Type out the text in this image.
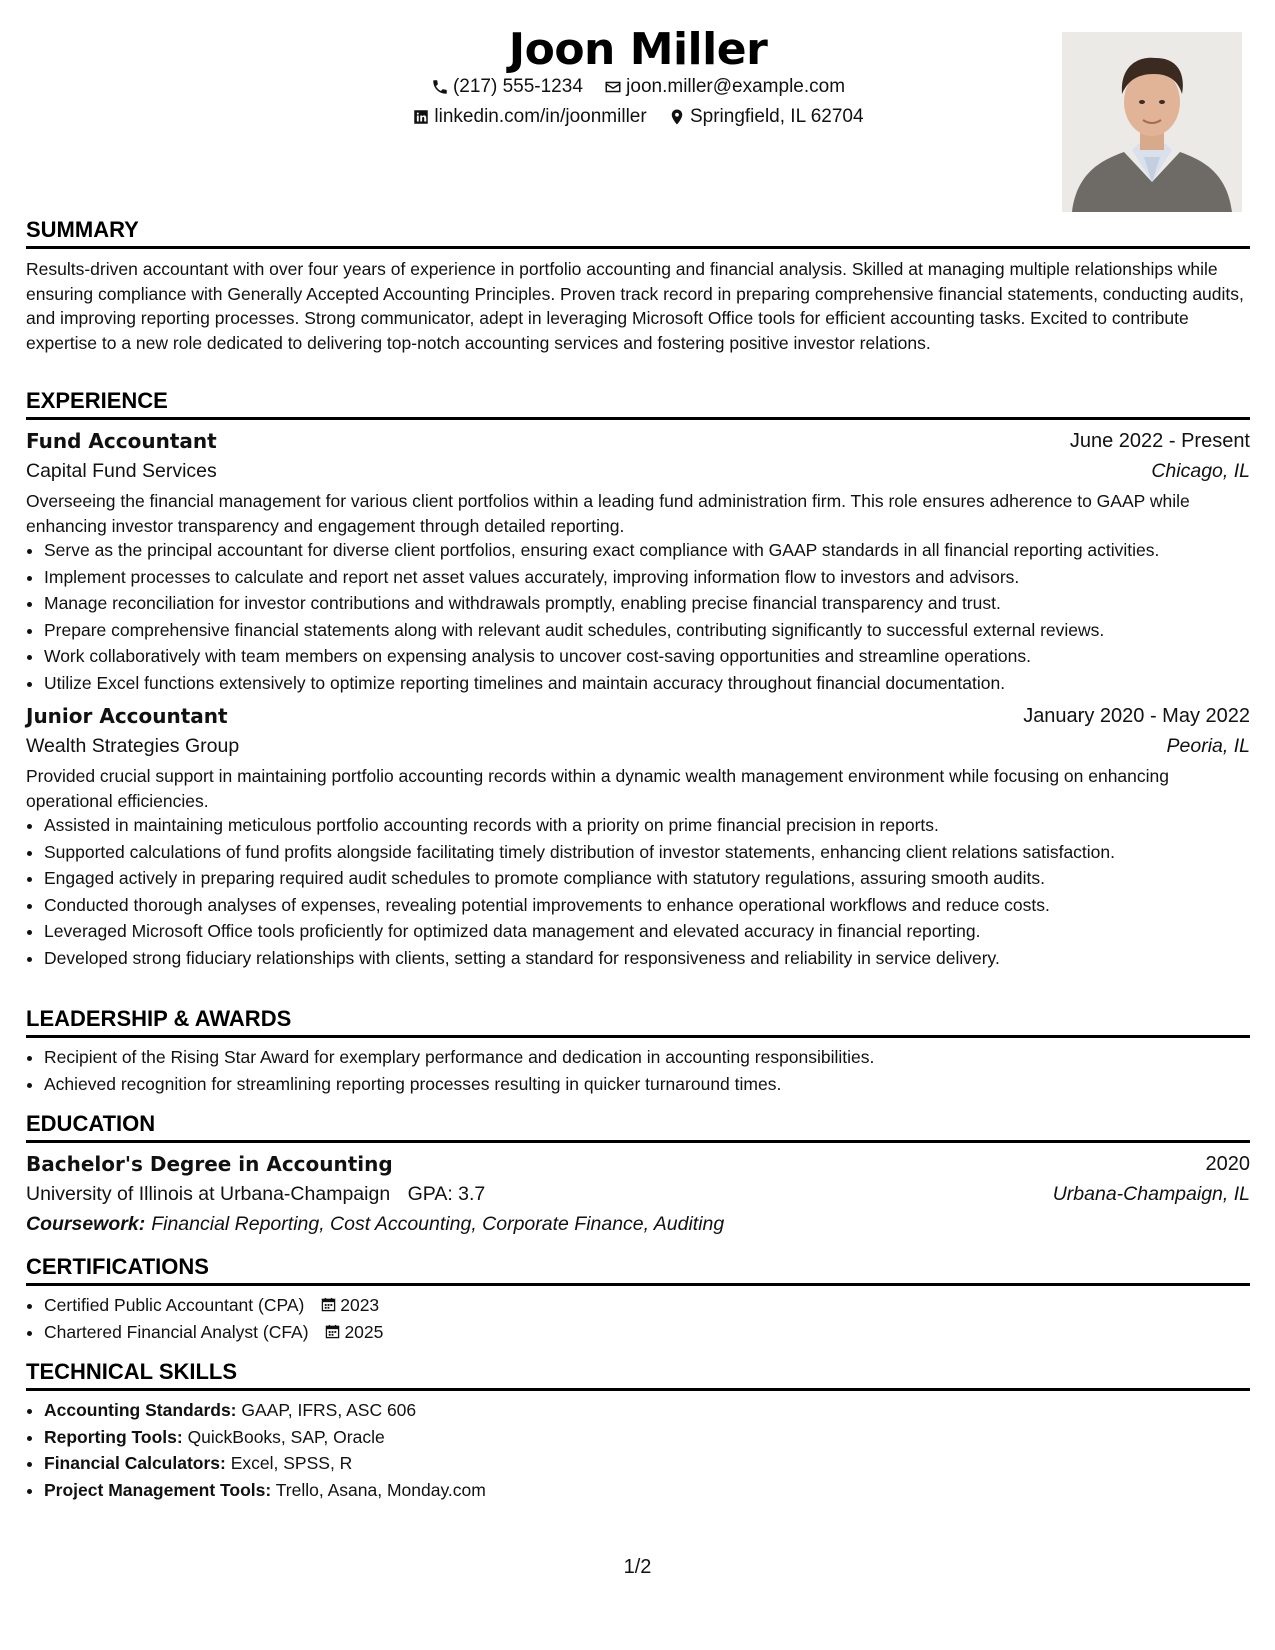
Joon Miller
(217) 555-1234
joon.miller@example.com
linkedin.com/in/joonmiller
Springfield, IL 62704
SUMMARY

Results-driven accountant with over four years of experience in portfolio accounting and financial analysis. Skilled at managing multiple relationships while ensuring compliance with Generally Accepted Accounting Principles. Proven track record in preparing comprehensive financial statements, conducting audits, and improving reporting processes. Strong communicator, adept in leveraging Microsoft Office tools for efficient accounting tasks. Excited to contribute expertise to a new role dedicated to delivering top-notch accounting services and fostering positive investor relations.

EXPERIENCE
Fund Accountant	June 2022 - Present
Capital Fund Services	Chicago, IL

Overseeing the financial management for various client portfolios within a leading fund administration firm. This role ensures adherence to GAAP while enhancing investor transparency and engagement through detailed reporting.

• Serve as the principal accountant for diverse client portfolios, ensuring exact compliance with GAAP standards in all financial reporting activities.
• Implement processes to calculate and report net asset values accurately, improving information flow to investors and advisors.
• Manage reconciliation for investor contributions and withdrawals promptly, enabling precise financial transparency and trust.
• Prepare comprehensive financial statements along with relevant audit schedules, contributing significantly to successful external reviews.
• Work collaboratively with team members on expensing analysis to uncover cost-saving opportunities and streamline operations.
• Utilize Excel functions extensively to optimize reporting timelines and maintain accuracy throughout financial documentation.
Junior Accountant	January 2020 - May 2022
Wealth Strategies Group	Peoria, IL

Provided crucial support in maintaining portfolio accounting records within a dynamic wealth management environment while focusing on enhancing operational efficiencies.

• Assisted in maintaining meticulous portfolio accounting records with a priority on prime financial precision in reports.
• Supported calculations of fund profits alongside facilitating timely distribution of investor statements, enhancing client relations satisfaction.
• Engaged actively in preparing required audit schedules to promote compliance with statutory regulations, assuring smooth audits.
• Conducted thorough analyses of expenses, revealing potential improvements to enhance operational workflows and reduce costs.
• Leveraged Microsoft Office tools proficiently for optimized data management and elevated accuracy in financial reporting.
• Developed strong fiduciary relationships with clients, setting a standard for responsiveness and reliability in service delivery.
LEADERSHIP & AWARDS
• Recipient of the Rising Star Award for exemplary performance and dedication in accounting responsibilities.
• Achieved recognition for streamlining reporting processes resulting in quicker turnaround times.
EDUCATION
Bachelor's Degree in Accounting	2020
University of Illinois at Urbana-Champaign GPA: 3.7	Urbana-Champaign, IL
Coursework: Financial Reporting, Cost Accounting, Corporate Finance, Auditing
CERTIFICATIONS
• Certified Public Accountant (CPA) 2023
• Chartered Financial Analyst (CFA) 2025
TECHNICAL SKILLS
• Accounting Standards: GAAP, IFRS, ASC 606
• Reporting Tools: QuickBooks, SAP, Oracle
• Financial Calculators: Excel, SPSS, R
• Project Management Tools: Trello, Asana, Monday.com
1/2
